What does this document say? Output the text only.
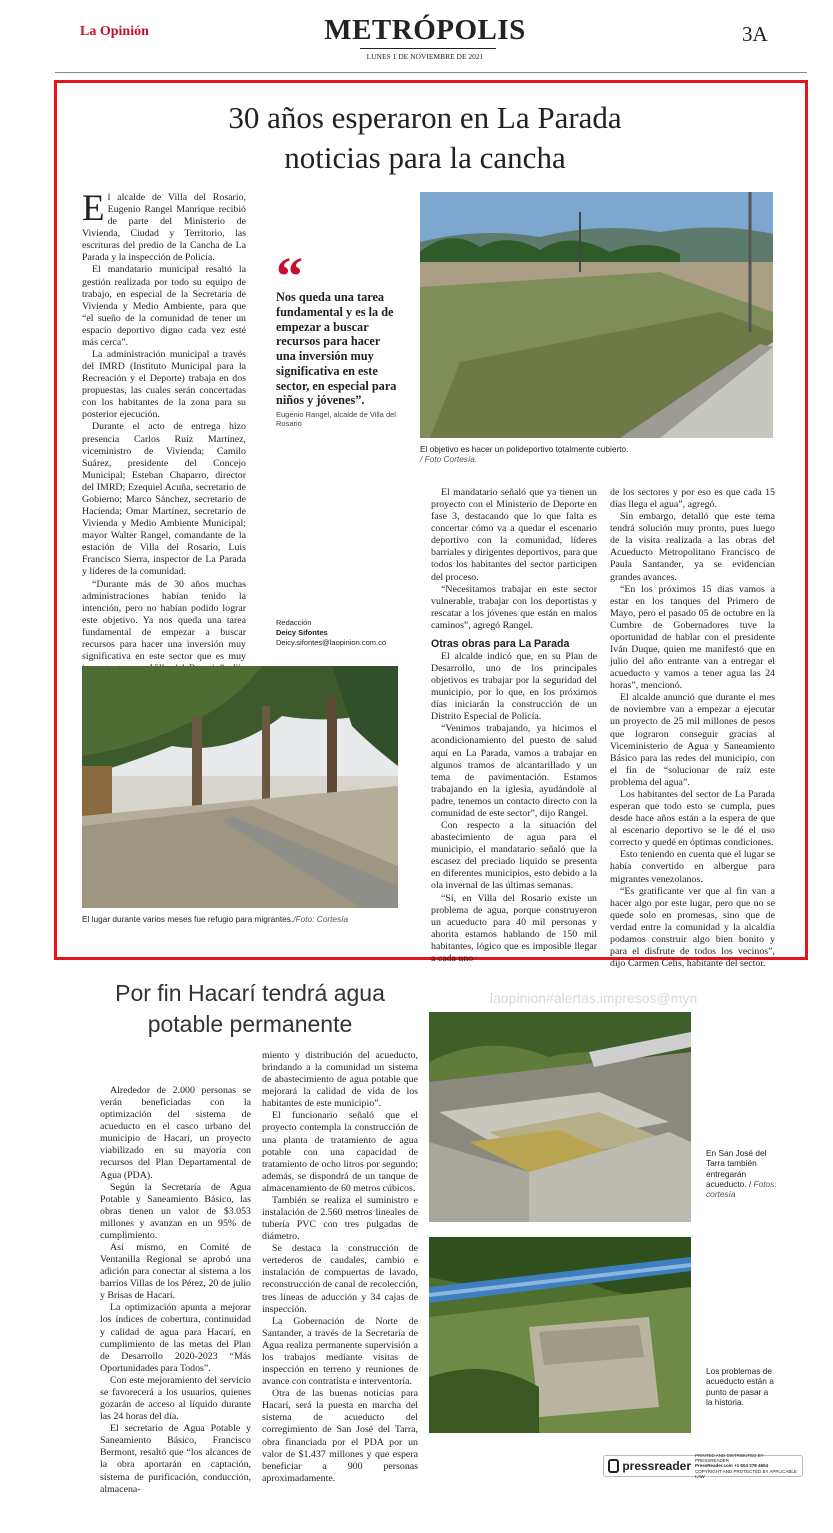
La Opinión	METRÓPOLIS
LUNES 1 DE NOVIEMBRE DE 2021
3A
30 años esperaron en La Parada
noticias para la cancha

El alcalde de Villa del Rosario, Eugenio Rangel Manrique recibió de parte del Ministerio de Vivienda, Ciudad y Territorio, las escrituras del predio de la Cancha de La Parada y la inspección de Policía.

El mandatario municipal resaltó la gestión realizada por todo su equipo de trabajo, en especial de la Secretaría de Vivienda y Medio Ambiente, para que “el sueño de la comunidad de tener un espacio deportivo digno cada vez esté más cerca”.

La administración municipal a través del IMRD (Instituto Municipal para la Recreación y el Deporte) trabaja en dos propuestas, las cuales serán concertadas con los habitantes de la zona para su posterior ejecución.

Durante el acto de entrega hizo presencia Carlos Ruíz Martínez, viceministro de Vivienda; Camilo Suárez, presidente del Concejo Municipal; Esteban Chaparro, director del IMRD; Ezequiel Acuña, secretario de Gobierno; Marco Sánchez, secretario de Hacienda; Omar Martínez, secretario de Vivienda y Medio Ambiente Municipal; mayor Walter Rangel, comandante de la estación de Villa del Rosario, Luis Francisco Sierra, inspector de La Parada y líderes de la comunidad.

“Durante más de 30 años muchas administraciones habían tenido la intención, pero no habían podido lograr este objetivo. Ya nos queda una tarea fundamental de empezar a buscar recursos para hacer una inversión muy significativa en este sector que es muy

“
Nos queda una tarea fundamental y es la de empezar a buscar recursos para hacer una inversión muy significativa en este sector, en especial para niños y jóvenes”.
Eugenio Rangel, alcalde de Villa del Rosario
Redacción
Deicy Sifontes
Deicy.sifontes@laopinion.com.co
El objetivo es hacer un polideportivo totalmente cubierto.
/ Foto Cortesía.
El lugar durante varios meses fue refugio para migrantes./Foto: Cortesía

El mandatario señaló que ya tienen un proyecto con el Ministerio de Deporte en fase 3, destacando que lo que falta es concertar cómo va a quedar el escenario deportivo con la comunidad, líderes barriales y dirigentes deportivos, para que todos los habitantes del sector participen del proceso.

“Necesitamos trabajar en este sector vulnerable, trabajar con los deportistas y rescatar a los jóvenes que están en malos caminos”, agregó Rangel.

Otras obras para La Parada

El alcalde indicó que, en su Plan de Desarrollo, uno de los principales objetivos es trabajar por la seguridad del municipio, por lo que, en los próximos días iniciarán la construcción de un Distrito Especial de Policía.

“Venimos trabajando, ya hicimos el acondicionamiento del puesto de salud aquí en La Parada, vamos a trabajar en algunos tramos de alcantarillado y un tema de pavimentación. Estamos trabajando en la iglesia, ayudándole al padre, tenemos un contacto directo con la comunidad de este sector”, dijo Rangel.

Con respecto a la situación del abastecimiento de agua para el municipio, el mandatario señaló que la escasez del preciado líquido se presenta en diferentes municipios, esto debido a la ola invernal de las últimas semanas.

“Sí, en Villa del Rosario existe un problema de agua, porque construyeron un acueducto para 40 mil personas y ahorita estamos hablando de 150 mil habitantes, lógico que es imposible llegar a cada uno

de los sectores y por eso es que cada 15 días llega el agua”, agregó.

Sin embargo, detalló que este tema tendrá solución muy pronto, pues luego de la visita realizada a las obras del Acueducto Metropolitano Francisco de Paula Santander, ya se evidencian grandes avances.

“En los próximos 15 días vamos a estar en los tanques del Primero de Mayo, pero el pasado 05 de octubre en la Cumbre de Gobernadores tuve la oportunidad de hablar con el presidente Iván Duque, quien me manifestó que en julio del año entrante van a entregar el acueducto y vamos a tener agua las 24 horas”, mencionó.

El alcalde anunció que durante el mes de noviembre van a empezar a ejecutar un proyecto de 25 mil millones de pesos que lograron conseguir gracias al Viceministerio de Agua y Saneamiento Básico para las redes del municipio, con el fin de “solucionar de raíz este problema del agua”.

Los habitantes del sector de La Parada esperan que todo esto se cumpla, pues desde hace años están a la espera de que al escenario deportivo se le dé el uso correcto y quedé en óptimas condiciones.

Esto teniendo en cuenta que el lugar se había convertido en albergue para migrantes venezolanos.

“Es gratificante ver que al fin van a hacer algo por este lugar, pero que no se quede solo en promesas, sino que de verdad entre la comunidad y la alcaldía podamos construir algo bien bonito y para el disfrute de todos los vecinos”, dijo Carmen Celis, habitante del sector.

Por fin Hacarí tendrá agua
potable permanente
laopinion#alertas.impresos@myn

Alrededor de 2.000 personas se verán beneficiadas con la optimización del sistema de acueducto en el casco urbano del municipio de Hacarí, un proyecto viabilizado en su mayoría con recursos del Plan Departamental de Agua (PDA).

Según la Secretaría de Agua Potable y Saneamiento Básico, las obras tienen un valor de $3.053 millones y avanzan en un 95% de cumplimiento.

Así mismo, en Comité de Ventanilla Regional se aprobó una adición para conectar al sistema a los barrios Villas de los Pérez, 20 de julio y Brisas de Hacarí.

La optimización apunta a mejorar los índices de cobertura, continuidad y calidad de agua para Hacarí, en cumplimiento de las metas del Plan de Desarrollo 2020-2023 “Más Oportunidades para Todos”.

Con este mejoramiento del servicio se favorecerá a los usuarios, quienes gozarán de acceso al líquido durante las 24 horas del día.

El secretario de Agua Potable y Saneamiento Básico, Francisco Bermont, resaltó que “los alcances de la obra aportarán en captación, sistema de purificación, conducción, almacena-

miento y distribución del acueducto, brindando a la comunidad un sistema de abastecimiento de agua potable que mejorará la calidad de vida de los habitantes de este municipio”.

El funcionario señaló que el proyecto contempla la construcción de una planta de tratamiento de agua potable con una capacidad de tratamiento de ocho litros por segundo; además, se dispondrá de un tanque de almacenamiento de 60 metros cúbicos.

También se realiza el suministro e instalación de 2.560 metros lineales de tubería PVC con tres pulgadas de diámetro.

Se destaca la construcción de vertederos de caudales, cambio e instalación de compuertas de lavado, reconstrucción de canal de recolección, tres líneas de aducción y 34 cajas de inspección.

La Gobernación de Norte de Santander, a través de la Secretaría de Agua realiza permanente supervisión a los trabajos mediante visitas de inspección en terreno y reuniones de avance con contratista e interventoría.

Otra de las buenas noticias para Hacarí, será la puesta en marcha del sistema de acueducto del corregimiento de San José del Tarra, obra financiada por el PDA por un valor de $1.437 millones y que espera beneficiar a 900 personas aproximadamente.

En San José del Tarra también entregarán acueducto. / Fotos: cortesía
Los problemas de acueducto están a punto de pasar a la historia.
pressreader
PRINTED AND DISTRIBUTED BY PRESSREADER
PressReader.com +1 604 278 4604
COPYRIGHT AND PROTECTED BY APPLICABLE LAW
